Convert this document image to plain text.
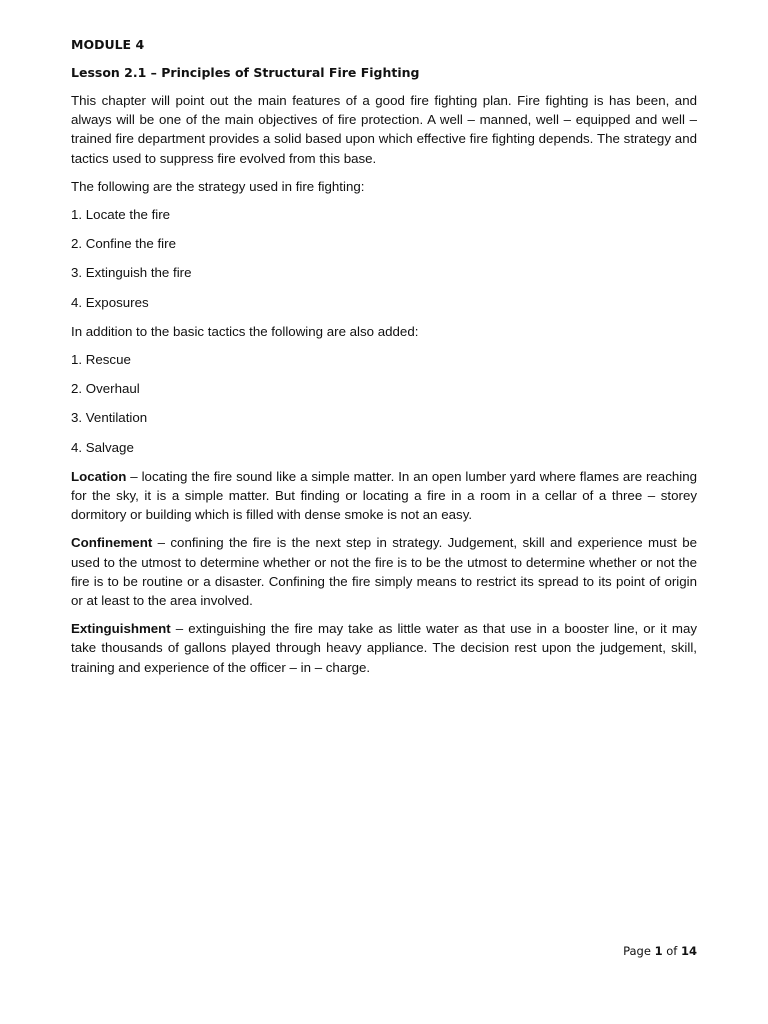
MODULE 4
Lesson 2.1 – Principles of Structural Fire Fighting

This chapter will point out the main features of a good fire fighting plan. Fire fighting is has been, and always will be one of the main objectives of fire protection. A well – manned, well – equipped and well – trained fire department provides a solid based upon which effective fire fighting depends. The strategy and tactics used to suppress fire evolved from this base.

The following are the strategy used in fire fighting:

1. Locate the fire
2. Confine the fire
3. Extinguish the fire
4. Exposures

In addition to the basic tactics the following are also added:

1. Rescue
2. Overhaul
3. Ventilation
4. Salvage

Location – locating the fire sound like a simple matter. In an open lumber yard where flames are reaching for the sky, it is a simple matter. But finding or locating a fire in a room in a cellar of a three – storey dormitory or building which is filled with dense smoke is not an easy.

Confinement – confining the fire is the next step in strategy. Judgement, skill and experience must be used to the utmost to determine whether or not the fire is to be the utmost to determine whether or not the fire is to be routine or a disaster. Confining the fire simply means to restrict its spread to its point of origin or at least to the area involved.

Extinguishment – extinguishing the fire may take as little water as that use in a booster line, or it may take thousands of gallons played through heavy appliance. The decision rest upon the judgement, skill, training and experience of the officer – in – charge.

Page 1 of 14
